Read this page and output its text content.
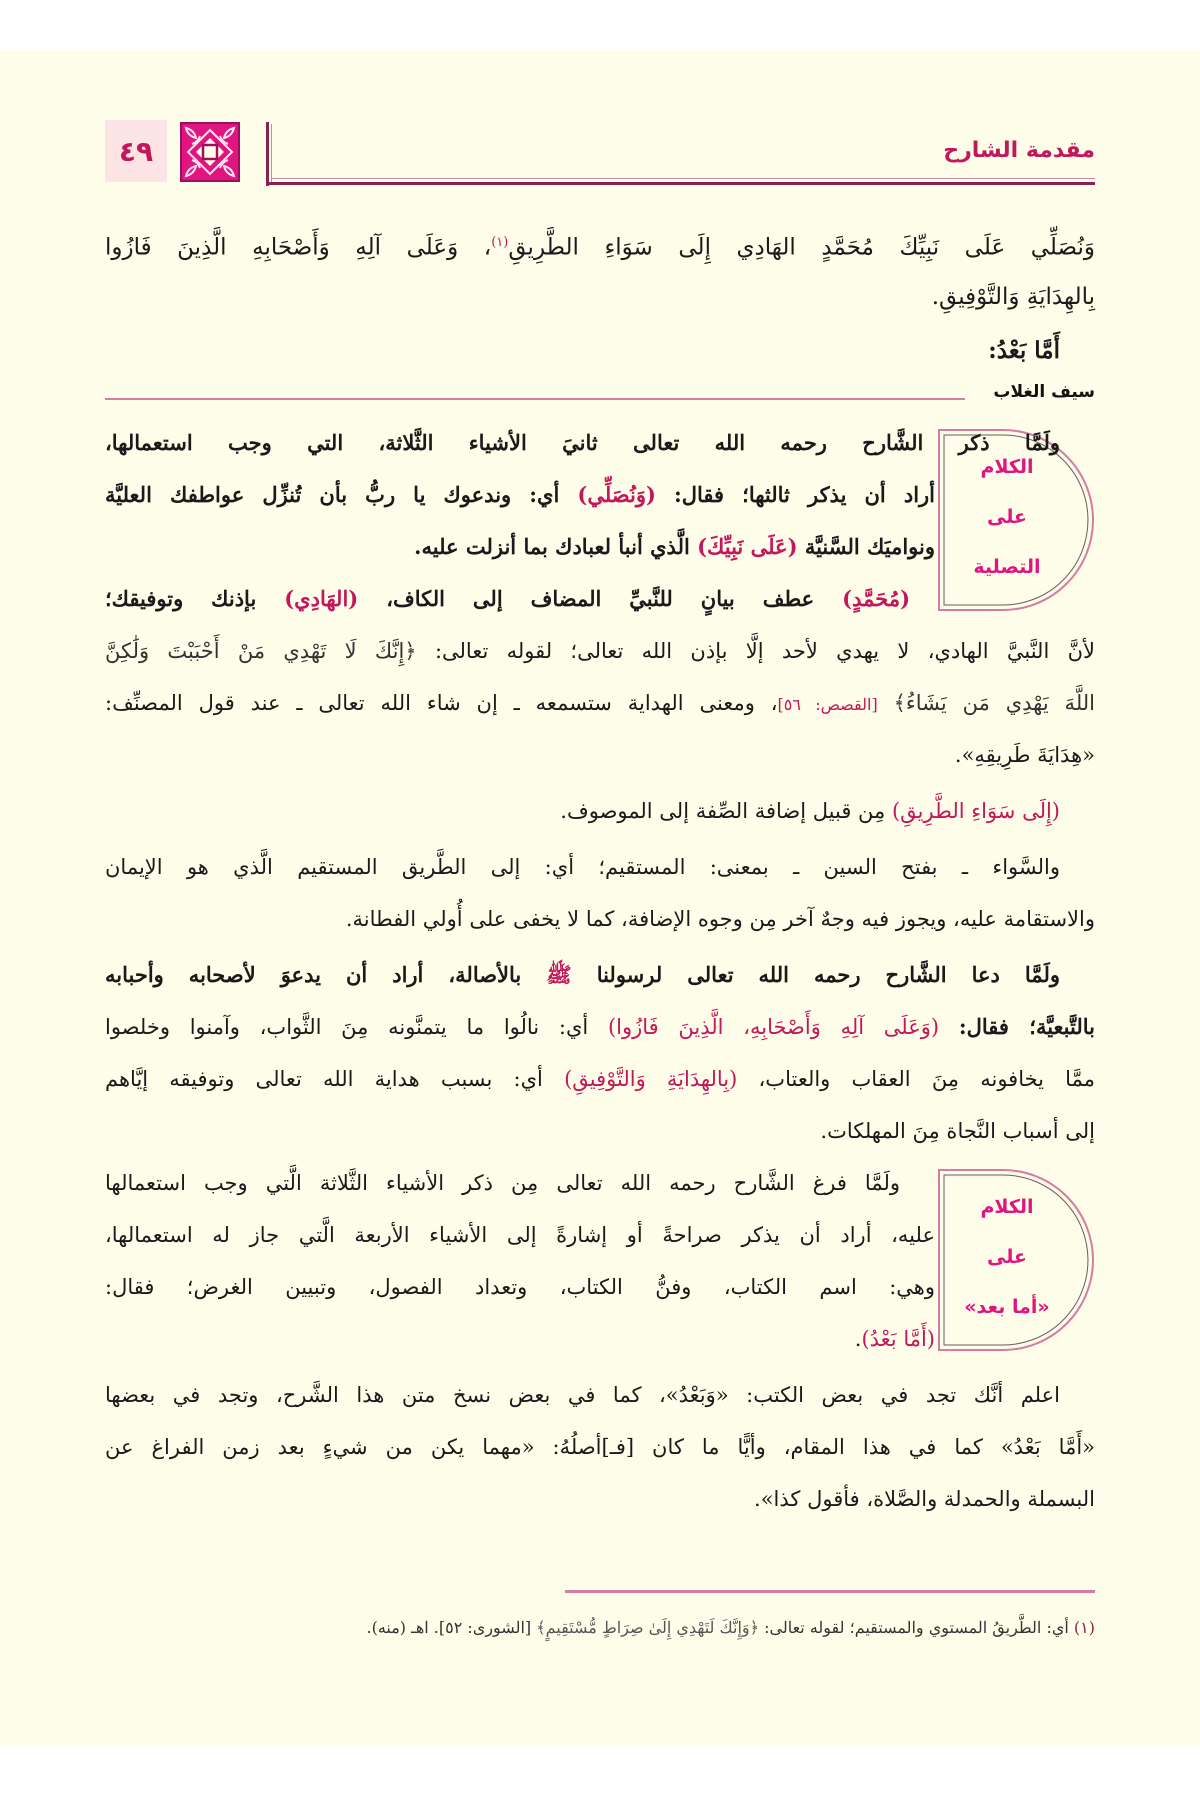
٤٩	مقدمة الشارح
وَنُصَلِّي عَلَى نَبِيِّكَ مُحَمَّدٍ الهَادِي إِلَى سَوَاءِ الطَّرِيقِ$^{(١)}$، وَعَلَى آلِهِ وَأَصْحَابِهِ الَّذِينَ فَازُوا
بِالهِدَايَةِ وَالتَّوْفِيقِ.
أَمَّا بَعْدُ:
سيف الغلاب
الكلام
على
التصلية
ولَمَّا ذكر الشَّارح رحمه الله تعالى ثانيَ الأشياء الثَّلاثة، التي وجب استعمالها،
أراد أن يذكر ثالثها؛ فقال: (وَنُصَلِّي) أي: وندعوك يا ربُّ بأن تُنزِّل عواطفك العليَّة
ونواميَك السَّنيَّة (عَلَى نَبِيِّكَ) الَّذي أنبأ لعبادك بما أنزلت عليه.
(مُحَمَّدٍ) عطف بيانٍ للنَّبيِّ المضاف إلى الكاف، (الهَادِي) بإذنك وتوفيقك؛
لأنَّ النَّبيَّ الهادي، لا يهدي لأحد إلَّا بإذن الله تعالى؛ لقوله تعالى: ﴿إِنَّكَ لَا تَهْدِي مَنْ أَحْبَبْتَ وَلَٰكِنَّ
اللَّهَ يَهْدِي مَن يَشَاءُ﴾ [القصص: ٥٦]، ومعنى الهداية ستسمعه ـ إن شاء الله تعالى ـ عند قول المصنِّف:
«هِدَايَةَ طَرِيقِهِ».
(إِلَى سَوَاءِ الطَّرِيقِ) مِن قبيل إضافة الصِّفة إلى الموصوف.
والسَّواء ـ بفتح السين ـ بمعنى: المستقيم؛ أي: إلى الطَّريق المستقيم الَّذي هو الإيمان
والاستقامة عليه، ويجوز فيه وجهٌ آخر مِن وجوه الإضافة، كما لا يخفى على أُولي الفطانة.
ولَمَّا دعا الشَّارح رحمه الله تعالى لرسولنا ﷺ بالأصالة، أراد أن يدعوَ لأصحابه وأحبابه
بالتَّبعيَّة؛ فقال: (وَعَلَى آلِهِ وَأَصْحَابِهِ، الَّذِينَ فَازُوا) أي: نالُوا ما يتمنَّونه مِنَ الثَّواب، وآمنوا وخلصوا
ممَّا يخافونه مِنَ العقاب والعتاب، (بِالهِدَايَةِ وَالتَّوْفِيقِ) أي: بسبب هداية الله تعالى وتوفيقه إيَّاهم
إلى أسباب النَّجاة مِنَ المهلكات.
الكلام
على
«أما بعد»
ولَمَّا فرغ الشَّارح رحمه الله تعالى مِن ذكر الأشياء الثَّلاثة الَّتي وجب استعمالها
عليه، أراد أن يذكر صراحةً أو إشارةً إلى الأشياء الأربعة الَّتي جاز له استعمالها،
وهي: اسم الكتاب، وفنُّ الكتاب، وتعداد الفصول، وتبيين الغرض؛ فقال:
(أَمَّا بَعْدُ).
اعلم أنَّك تجد في بعض الكتب: «وَبَعْدُ»، كما في بعض نسخ متن هذا الشَّرح، وتجد في بعضها
«أَمَّا بَعْدُ» كما في هذا المقام، وأيًّا ما كان [فـ]أصلُهُ: «مهما يكن من شيءٍ بعد زمن الفراغ عن
البسملة والحمدلة والصَّلاة، فأقول كذا».
(١) أي: الطَّريقُ المستوي والمستقيم؛ لقوله تعالى: ﴿وَإِنَّكَ لَتَهْدِي إِلَىٰ صِرَاطٍ مُّسْتَقِيمٍ﴾ [الشورى: ٥٢]. اهـ (منه).
